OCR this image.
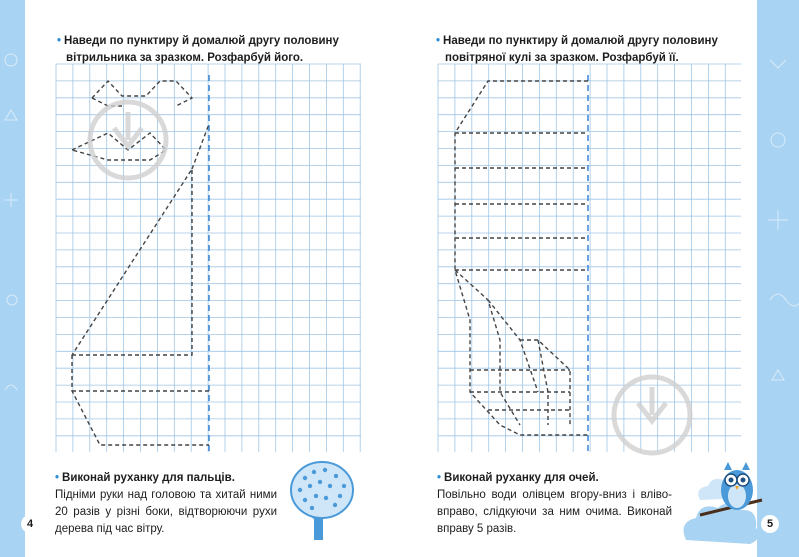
4	5
• Наведи по пунктиру й домалюй другу половину
вітрильника за зразком. Розфарбуй його.
• Наведи по пунктиру й домалюй другу половину
повітряної кулі за зразком. Розфарбуй її.
• Виконай руханку для пальців.
Підніми руки над головою та хитай ними 20 разів у різні боки, відтворюючи рухи дерева під час вітру.
• Виконай руханку для очей.
Повільно води олівцем вгору-вниз і вліво-вправо, слідкуючи за ним очима. Виконай вправу 5 разів.
